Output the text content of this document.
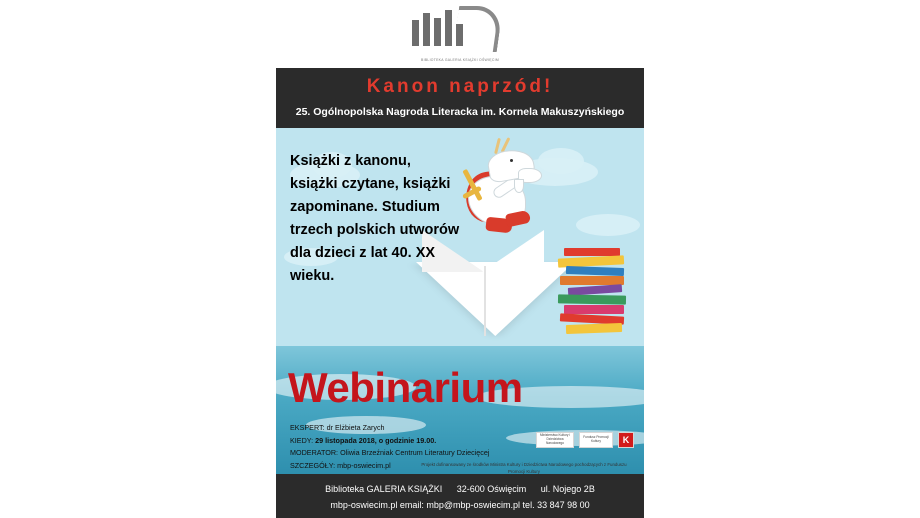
BIBLIOTEKA GALERIA KSIĄŻKI OŚWIĘCIM
Kanon naprzód!
25. Ogólnopolska Nagroda Literacka im. Kornela Makuszyńskiego
Książki z kanonu, książki czytane, książki zapominane. Studium trzech polskich utworów dla dzieci z lat 40. XX wieku.
Webinarium
EKSPERT: dr Elżbieta Zarych
KIEDY: 29 listopada 2018, o godzinie 19.00.
MODERATOR: Oliwia Brzeźniak Centrum Literatury Dziecięcej
SZCZEGÓŁY: mbp-oswiecim.pl	Projekt dofinansowany ze środków Ministra Kultury i Dziedzictwa Narodowego pochodzących z Funduszu Promocji Kultury
Ministerstwo Kultury i Dziedzictwa Narodowego
Fundusz Promocji Kultury	K
Biblioteka GALERIA KSIĄŻKI 32-600 Oświęcim ul. Nojego 2B
mbp-oswiecim.pl email: mbp@mbp-oswiecim.pl tel. 33 847 98 00
